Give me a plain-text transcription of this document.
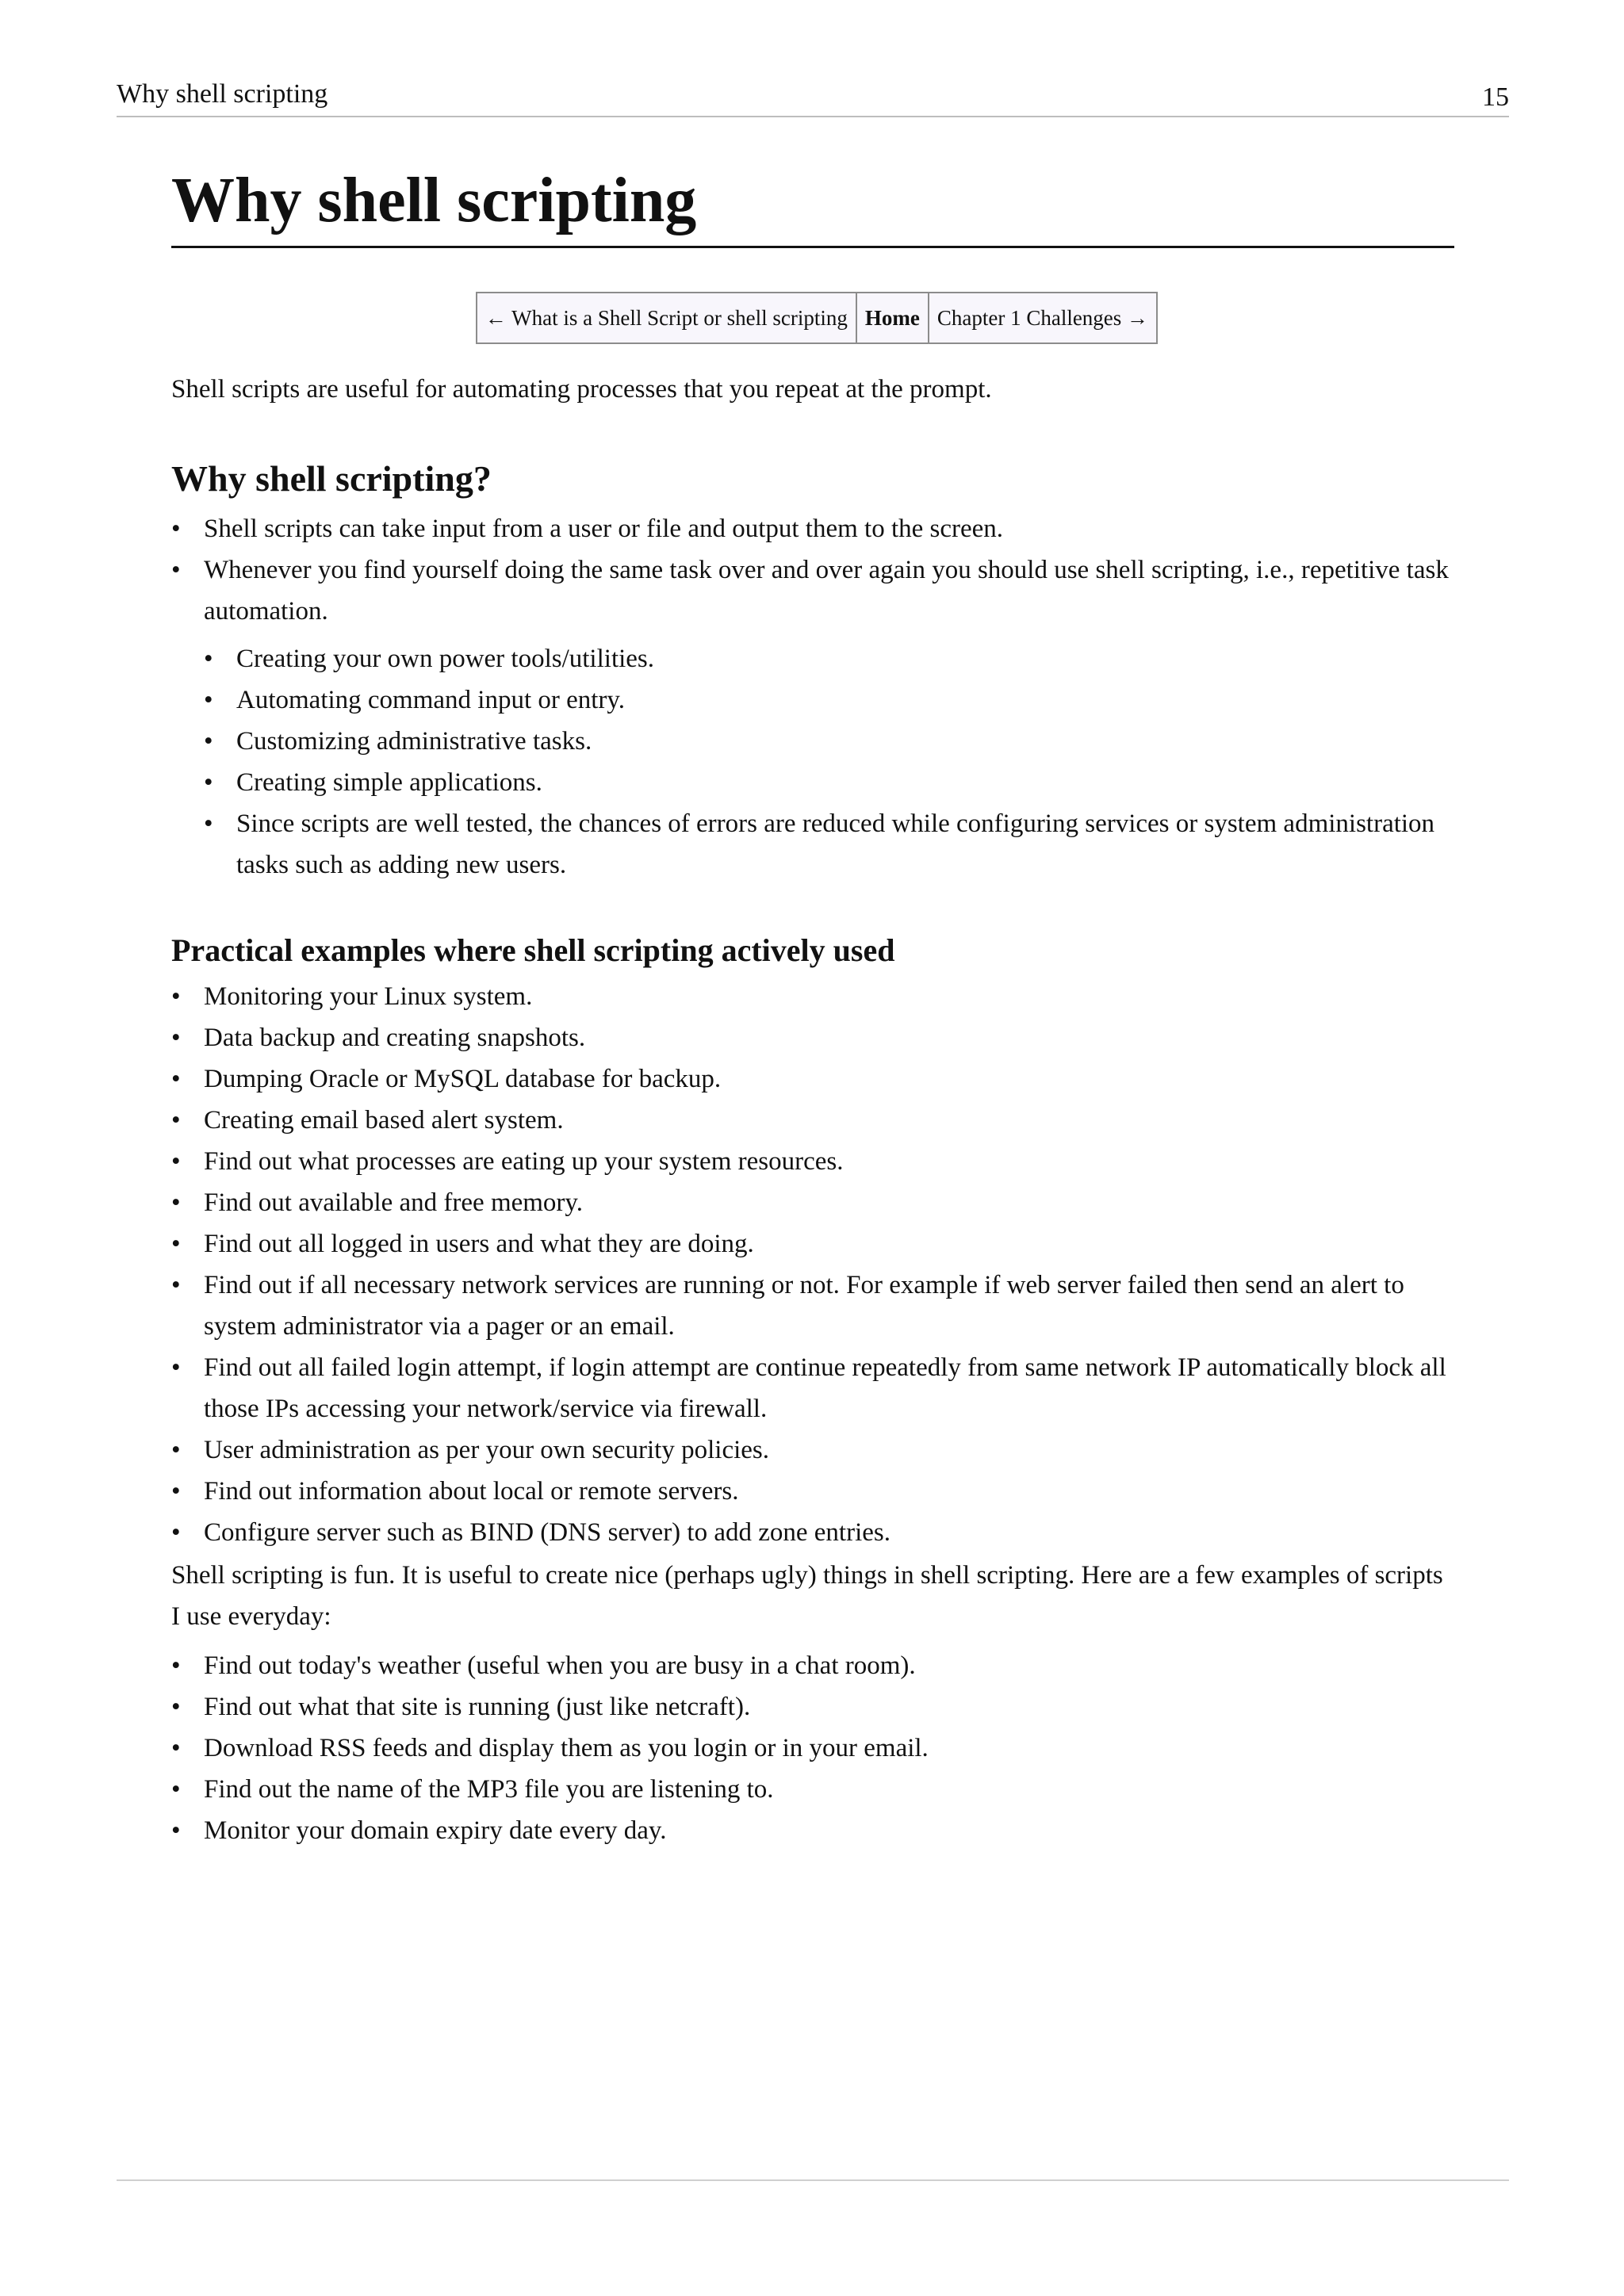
Why shell scripting	15
Why shell scripting
← What is a Shell Script or shell scripting	Home	Chapter 1 Challenges →

Shell scripts are useful for automating processes that you repeat at the prompt.

Why shell scripting?
• Shell scripts can take input from a user or file and output them to the screen.
• Whenever you find yourself doing the same task over and over again you should use shell scripting, i.e., repetitive task automation.
• Creating your own power tools/utilities.
• Automating command input or entry.
• Customizing administrative tasks.
• Creating simple applications.
• Since scripts are well tested, the chances of errors are reduced while configuring services or system administration tasks such as adding new users.
Practical examples where shell scripting actively used
• Monitoring your Linux system.
• Data backup and creating snapshots.
• Dumping Oracle or MySQL database for backup.
• Creating email based alert system.
• Find out what processes are eating up your system resources.
• Find out available and free memory.
• Find out all logged in users and what they are doing.
• Find out if all necessary network services are running or not. For example if web server failed then send an alert to system administrator via a pager or an email.
• Find out all failed login attempt, if login attempt are continue repeatedly from same network IP automatically block all those IPs accessing your network/service via firewall.
• User administration as per your own security policies.
• Find out information about local or remote servers.
• Configure server such as BIND (DNS server) to add zone entries.

Shell scripting is fun. It is useful to create nice (perhaps ugly) things in shell scripting. Here are a few examples of scripts I use everyday:

• Find out today's weather (useful when you are busy in a chat room).
• Find out what that site is running (just like netcraft).
• Download RSS feeds and display them as you login or in your email.
• Find out the name of the MP3 file you are listening to.
• Monitor your domain expiry date every day.
